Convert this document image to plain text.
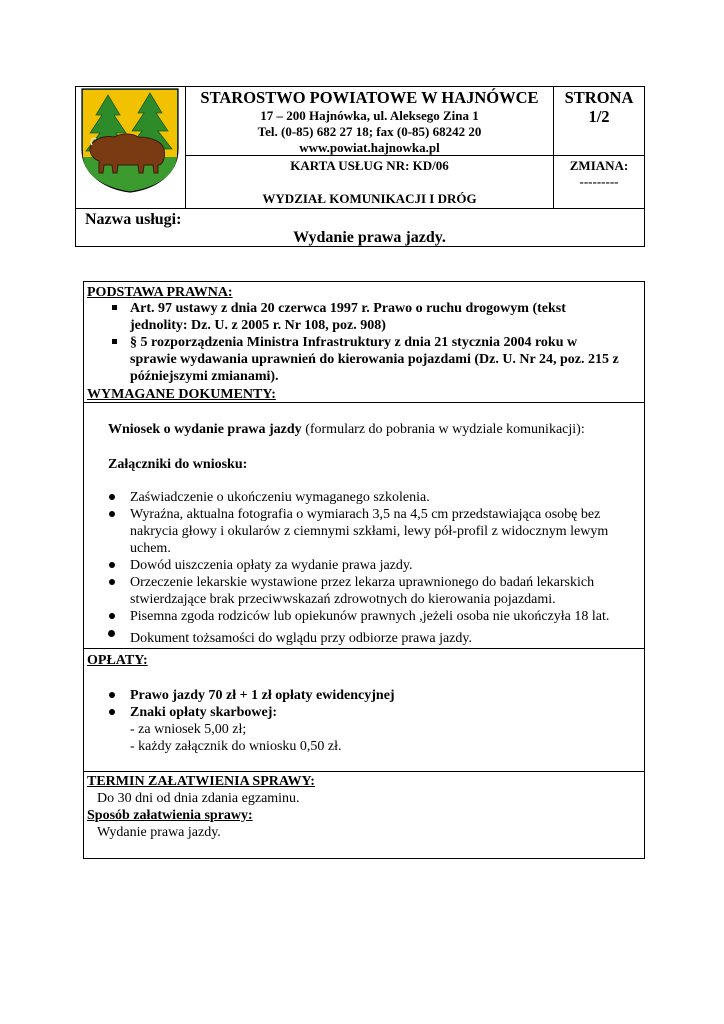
STAROSTWO POWIATOWE W HAJNÓWCE
17 – 200 Hajnówka, ul. Aleksego Zina 1
Tel. (0-85) 682 27 18; fax (0-85) 68242 20
www.powiat.hajnowka.pl
KARTA USŁUG NR: KD/06
WYDZIAŁ KOMUNIKACJI I DRÓG
STRONA
1/2
ZMIANA:
---------
Nazwa usługi:
Wydanie prawa jazdy.
PODSTAWA PRAWNA:
Art. 97 ustawy z dnia 20 czerwca 1997 r. Prawo o ruchu drogowym (tekst
jednolity: Dz. U. z 2005 r. Nr 108, poz. 908)
§ 5 rozporządzenia Ministra Infrastruktury z dnia 21 stycznia 2004 roku w
sprawie wydawania uprawnień do kierowania pojazdami (Dz. U. Nr 24, poz. 215 z
późniejszymi zmianami).
WYMAGANE DOKUMENTY:
Wniosek o wydanie prawa jazdy (formularz do pobrania w wydziale komunikacji):
Załączniki do wniosku:
Zaświadczenie o ukończeniu wymaganego szkolenia.
Wyraźna, aktualna fotografia o wymiarach 3,5 na 4,5 cm przedstawiająca osobę bez
nakrycia głowy i okularów z ciemnymi szkłami, lewy pół-profil z widocznym lewym
uchem.
Dowód uiszczenia opłaty za wydanie prawa jazdy.
Orzeczenie lekarskie wystawione przez lekarza uprawnionego do badań lekarskich
stwierdzające brak przeciwwskazań zdrowotnych do kierowania pojazdami.
Pisemna zgoda rodziców lub opiekunów prawnych ,jeżeli osoba nie ukończyła 18 lat.
Dokument tożsamości do wglądu przy odbiorze prawa jazdy.
OPŁATY:
Prawo jazdy 70 zł + 1 zł opłaty ewidencyjnej
Znaki opłaty skarbowej:
- za wniosek 5,00 zł;
- każdy załącznik do wniosku 0,50 zł.
TERMIN ZAŁATWIENIA SPRAWY:
Do 30 dni od dnia zdania egzaminu.
Sposób załatwienia sprawy:
Wydanie prawa jazdy.
